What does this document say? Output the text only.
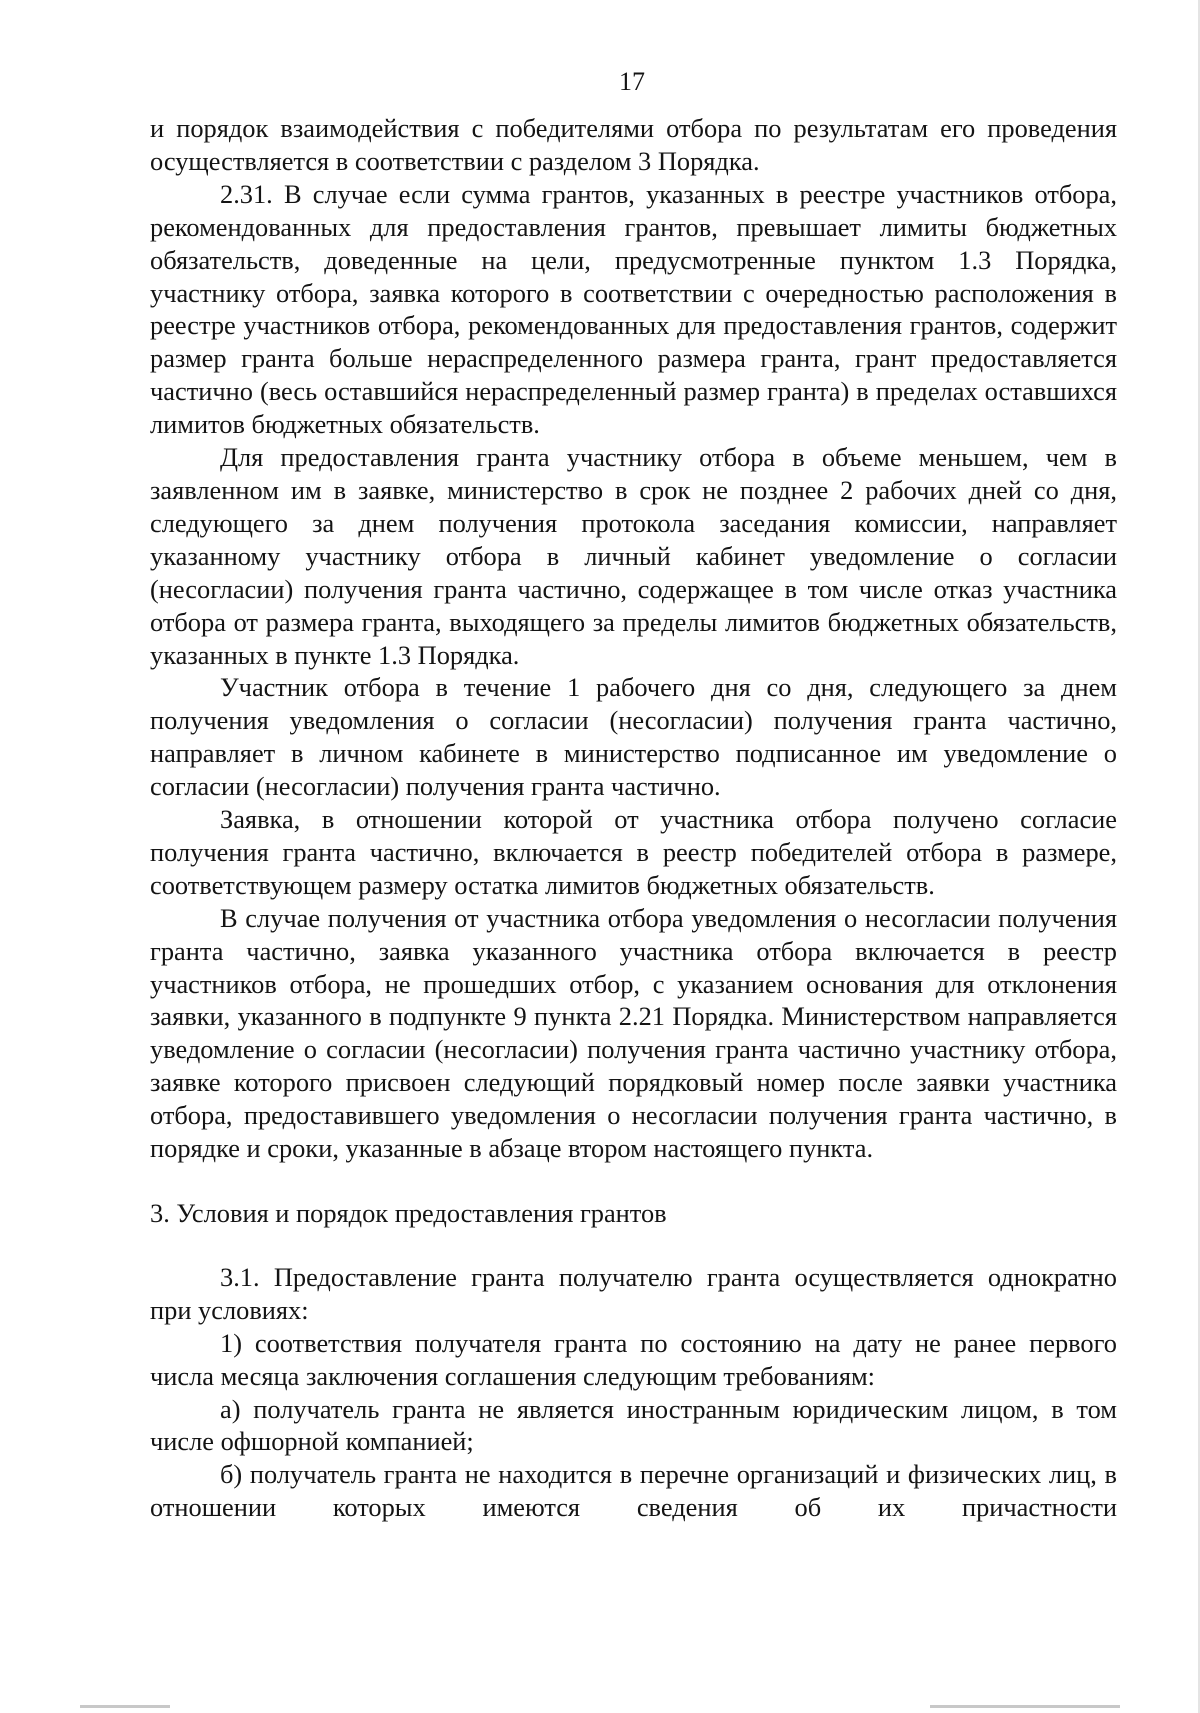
17

и порядок взаимодействия с победителями отбора по результатам его проведения осуществляется в соответствии с разделом 3 Порядка.

2.31. В случае если сумма грантов, указанных в реестре участников отбора, рекомендованных для предоставления грантов, превышает лимиты бюджетных обязательств, доведенные на цели, предусмотренные пунктом 1.3 Порядка, участнику отбора, заявка которого в соответствии с очередностью расположения в реестре участников отбора, рекомендованных для предоставления грантов, содержит размер гранта больше нераспределенного размера гранта, грант предоставляется частично (весь оставшийся нераспределенный размер гранта) в пределах оставшихся лимитов бюджетных обязательств.

Для предоставления гранта участнику отбора в объеме меньшем, чем в заявленном им в заявке, министерство в срок не позднее 2 рабочих дней со дня, следующего за днем получения протокола заседания комиссии, направляет указанному участнику отбора в личный кабинет уведомление о согласии (несогласии) получения гранта частично, содержащее в том числе отказ участника отбора от размера гранта, выходящего за пределы лимитов бюджетных обязательств, указанных в пункте 1.3 Порядка.

Участник отбора в течение 1 рабочего дня со дня, следующего за днем получения уведомления о согласии (несогласии) получения гранта частично, направляет в личном кабинете в министерство подписанное им уведомление о согласии (несогласии) получения гранта частично.

Заявка, в отношении которой от участника отбора получено согласие получения гранта частично, включается в реестр победителей отбора в размере, соответствующем размеру остатка лимитов бюджетных обязательств.

В случае получения от участника отбора уведомления о несогласии получения гранта частично, заявка указанного участника отбора включается в реестр участников отбора, не прошедших отбор, с указанием основания для отклонения заявки, указанного в подпункте 9 пункта 2.21 Порядка. Министерством направляется уведомление о согласии (несогласии) получения гранта частично участнику отбора, заявке которого присвоен следующий порядковый номер после заявки участника отбора, предоставившего уведомления о несогласии получения гранта частично, в порядке и сроки, указанные в абзаце втором настоящего пункта.

3. Условия и порядок предоставления грантов

3.1. Предоставление гранта получателю гранта осуществляется однократно при условиях:

1) соответствия получателя гранта по состоянию на дату не ранее первого числа месяца заключения соглашения следующим требованиям:

а) получатель гранта не является иностранным юридическим лицом, в том числе офшорной компанией;

б) получатель гранта не находится в перечне организаций и физических лиц, в отношении которых имеются сведения об их причастности
